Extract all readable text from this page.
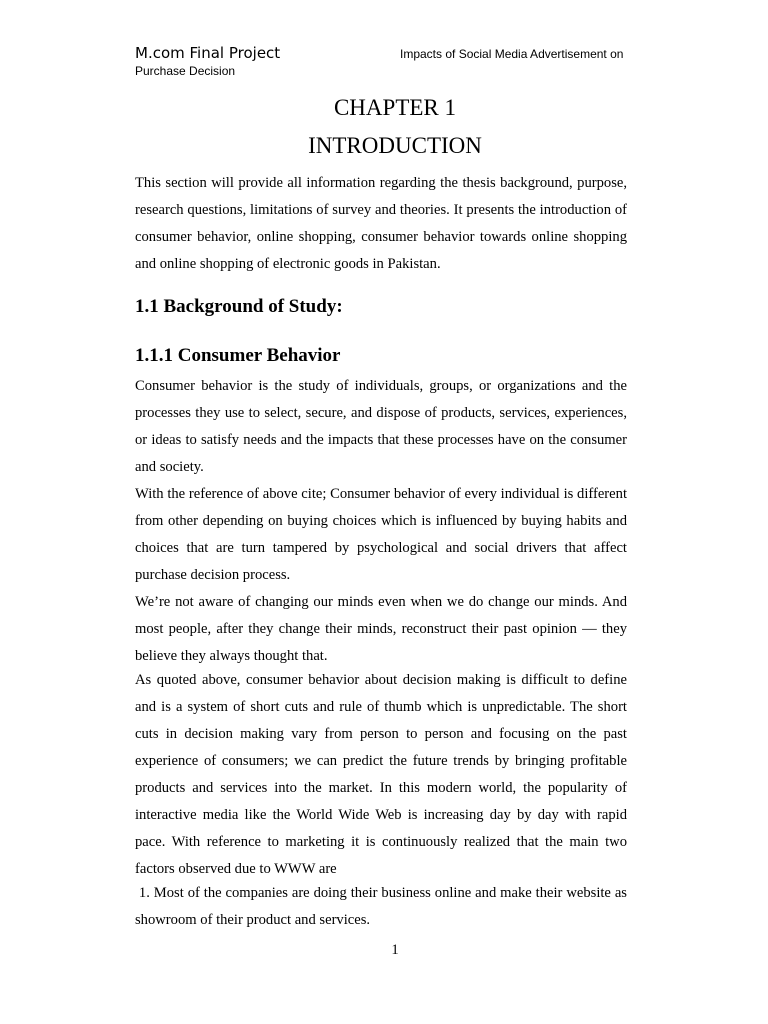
M.com Final Project	Impacts of Social Media Advertisement on
Purchase Decision
CHAPTER 1
INTRODUCTION

This section will provide all information regarding the thesis background, purpose, research questions, limitations of survey and theories. It presents the introduction of consumer behavior, online shopping, consumer behavior towards online shopping and online shopping of electronic goods in Pakistan.

1.1 Background of Study:
1.1.1 Consumer Behavior

Consumer behavior is the study of individuals, groups, or organizations and the processes they use to select, secure, and dispose of products, services, experiences, or ideas to satisfy needs and the impacts that these processes have on the consumer and society.

With the reference of above cite; Consumer behavior of every individual is different from other depending on buying choices which is influenced by buying habits and choices that are turn tampered by psychological and social drivers that affect purchase decision process.

We’re not aware of changing our minds even when we do change our minds. And most people, after they change their minds, reconstruct their past opinion — they believe they always thought that.

As quoted above, consumer behavior about decision making is difficult to define and is a system of short cuts and rule of thumb which is unpredictable. The short cuts in decision making vary from person to person and focusing on the past experience of consumers; we can predict the future trends by bringing profitable products and services into the market. In this modern world, the popularity of interactive media like the World Wide Web is increasing day by day with rapid pace. With reference to marketing it is continuously realized that the main two factors observed due to WWW are

1. Most of the companies are doing their business online and make their website as showroom of their product and services.

1
